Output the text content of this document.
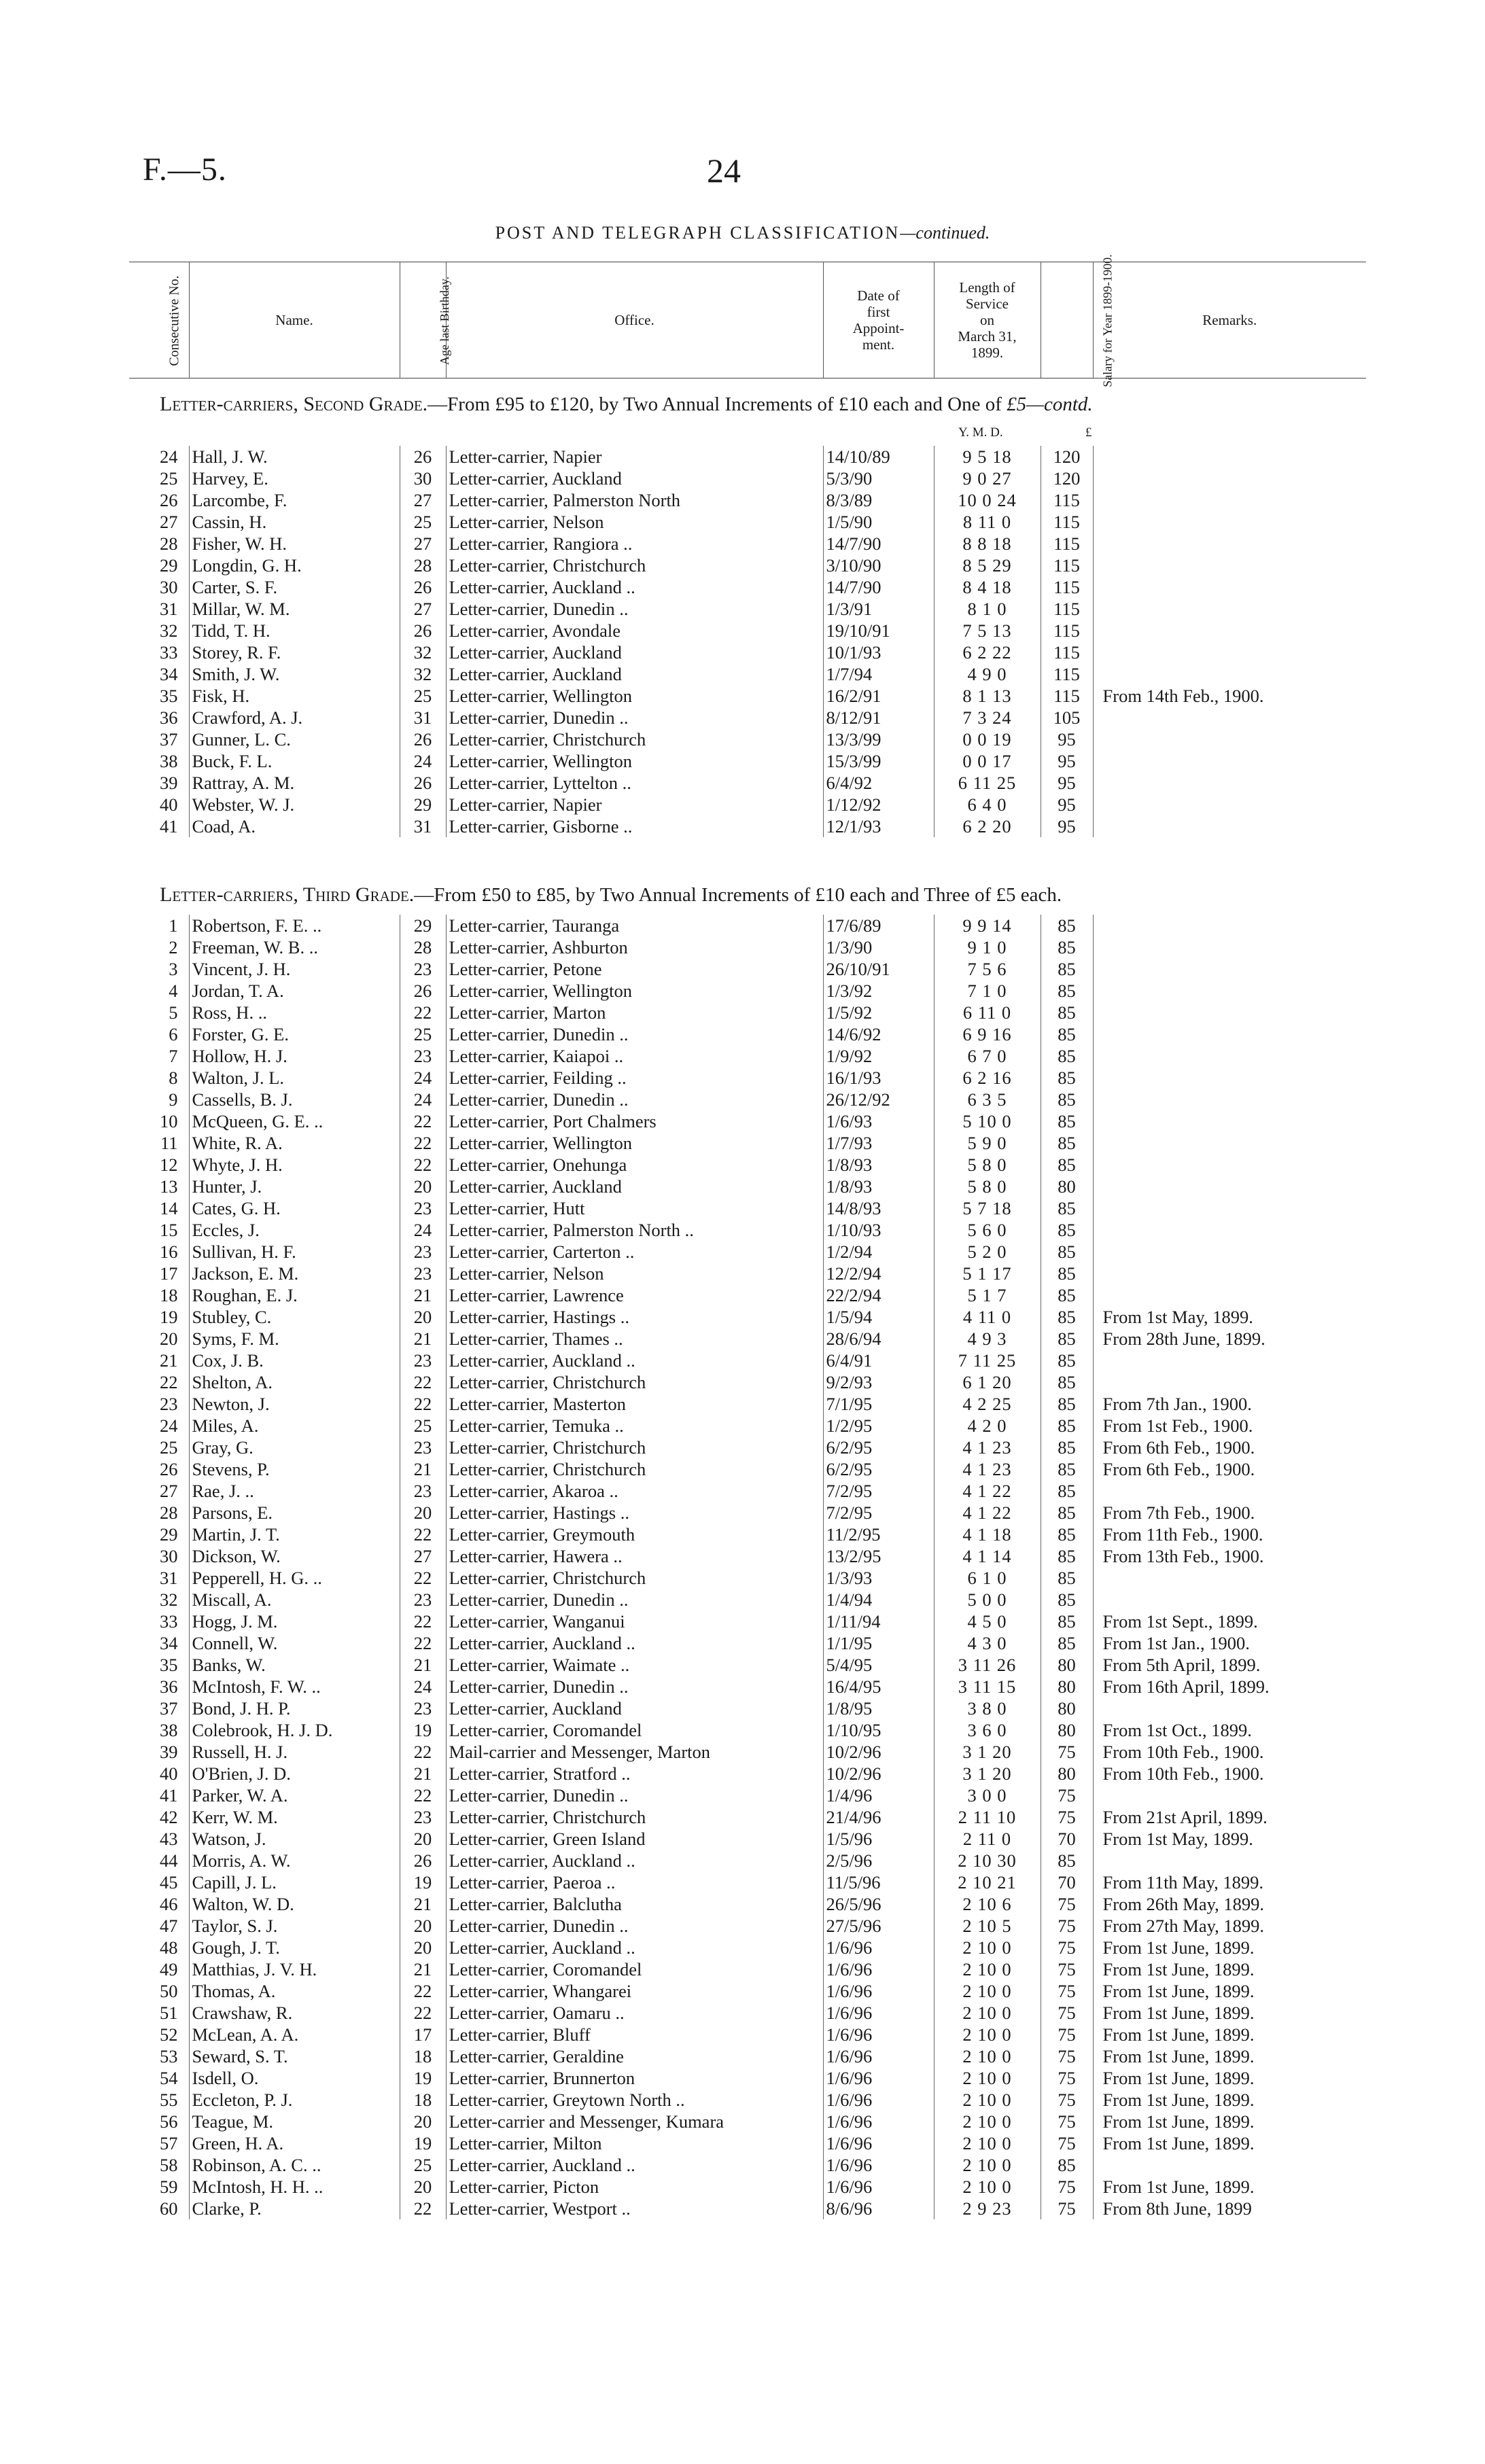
F.—5.	24
POST AND TELEGRAPH CLASSIFICATION—continued.
Consecutive No.	Name.	Age last Birthday.	Office.	
Date of
first
Appoint-
ment.

Length of
Service
on
March 31,
1899.	Salary for Year 1899-1900.	Remarks.
Letter-carriers, Second Grade.—From £95 to £120, by Two Annual Increments of £10 each and One of £5—contd.
Y. M. D.	£
24	Hall, J. W.	26	Letter-carrier, Napier	14/10/89	9 5 18	120	
25	Harvey, E.	30	Letter-carrier, Auckland	5/3/90	9 0 27	120	
26	Larcombe, F.	27	Letter-carrier, Palmerston North	8/3/89	10 0 24	115	
27	Cassin, H.	25	Letter-carrier, Nelson	1/5/90	8 11 0	115	
28	Fisher, W. H.	27	Letter-carrier, Rangiora ..	14/7/90	8 8 18	115	
29	Longdin, G. H.	28	Letter-carrier, Christchurch	3/10/90	8 5 29	115	
30	Carter, S. F.	26	Letter-carrier, Auckland ..	14/7/90	8 4 18	115	
31	Millar, W. M.	27	Letter-carrier, Dunedin ..	1/3/91	8 1 0	115	
32	Tidd, T. H.	26	Letter-carrier, Avondale	19/10/91	7 5 13	115	
33	Storey, R. F.	32	Letter-carrier, Auckland	10/1/93	6 2 22	115	
34	Smith, J. W.	32	Letter-carrier, Auckland	1/7/94	4 9 0	115	
35	Fisk, H.	25	Letter-carrier, Wellington	16/2/91	8 1 13	115	From 14th Feb., 1900.
36	Crawford, A. J.	31	Letter-carrier, Dunedin ..	8/12/91	7 3 24	105	
37	Gunner, L. C.	26	Letter-carrier, Christchurch	13/3/99	0 0 19	95	
38	Buck, F. L.	24	Letter-carrier, Wellington	15/3/99	0 0 17	95	
39	Rattray, A. M.	26	Letter-carrier, Lyttelton ..	6/4/92	6 11 25	95	
40	Webster, W. J.	29	Letter-carrier, Napier	1/12/92	6 4 0	95	
41	Coad, A.	31	Letter-carrier, Gisborne ..	12/1/93	6 2 20	95	
Letter-carriers, Third Grade.—From £50 to £85, by Two Annual Increments of £10 each and Three of £5 each.
1	Robertson, F. E. ..	29	Letter-carrier, Tauranga	17/6/89	9 9 14	85	
2	Freeman, W. B. ..	28	Letter-carrier, Ashburton	1/3/90	9 1 0	85	
3	Vincent, J. H.	23	Letter-carrier, Petone	26/10/91	7 5 6	85	
4	Jordan, T. A.	26	Letter-carrier, Wellington	1/3/92	7 1 0	85	
5	Ross, H. ..	22	Letter-carrier, Marton	1/5/92	6 11 0	85	
6	Forster, G. E.	25	Letter-carrier, Dunedin ..	14/6/92	6 9 16	85	
7	Hollow, H. J.	23	Letter-carrier, Kaiapoi ..	1/9/92	6 7 0	85	
8	Walton, J. L.	24	Letter-carrier, Feilding ..	16/1/93	6 2 16	85	
9	Cassells, B. J.	24	Letter-carrier, Dunedin ..	26/12/92	6 3 5	85	
10	McQueen, G. E. ..	22	Letter-carrier, Port Chalmers	1/6/93	5 10 0	85	
11	White, R. A.	22	Letter-carrier, Wellington	1/7/93	5 9 0	85	
12	Whyte, J. H.	22	Letter-carrier, Onehunga	1/8/93	5 8 0	85	
13	Hunter, J.	20	Letter-carrier, Auckland	1/8/93	5 8 0	80	
14	Cates, G. H.	23	Letter-carrier, Hutt	14/8/93	5 7 18	85	
15	Eccles, J.	24	Letter-carrier, Palmerston North ..	1/10/93	5 6 0	85	
16	Sullivan, H. F.	23	Letter-carrier, Carterton ..	1/2/94	5 2 0	85	
17	Jackson, E. M.	23	Letter-carrier, Nelson	12/2/94	5 1 17	85	
18	Roughan, E. J.	21	Letter-carrier, Lawrence	22/2/94	5 1 7	85	
19	Stubley, C.	20	Letter-carrier, Hastings ..	1/5/94	4 11 0	85	From 1st May, 1899.
20	Syms, F. M.	21	Letter-carrier, Thames ..	28/6/94	4 9 3	85	From 28th June, 1899.
21	Cox, J. B.	23	Letter-carrier, Auckland ..	6/4/91	7 11 25	85	
22	Shelton, A.	22	Letter-carrier, Christchurch	9/2/93	6 1 20	85	
23	Newton, J.	22	Letter-carrier, Masterton	7/1/95	4 2 25	85	From 7th Jan., 1900.
24	Miles, A.	25	Letter-carrier, Temuka ..	1/2/95	4 2 0	85	From 1st Feb., 1900.
25	Gray, G.	23	Letter-carrier, Christchurch	6/2/95	4 1 23	85	From 6th Feb., 1900.
26	Stevens, P.	21	Letter-carrier, Christchurch	6/2/95	4 1 23	85	From 6th Feb., 1900.
27	Rae, J. ..	23	Letter-carrier, Akaroa ..	7/2/95	4 1 22	85	
28	Parsons, E.	20	Letter-carrier, Hastings ..	7/2/95	4 1 22	85	From 7th Feb., 1900.
29	Martin, J. T.	22	Letter-carrier, Greymouth	11/2/95	4 1 18	85	From 11th Feb., 1900.
30	Dickson, W.	27	Letter-carrier, Hawera ..	13/2/95	4 1 14	85	From 13th Feb., 1900.
31	Pepperell, H. G. ..	22	Letter-carrier, Christchurch	1/3/93	6 1 0	85	
32	Miscall, A.	23	Letter-carrier, Dunedin ..	1/4/94	5 0 0	85	
33	Hogg, J. M.	22	Letter-carrier, Wanganui	1/11/94	4 5 0	85	From 1st Sept., 1899.
34	Connell, W.	22	Letter-carrier, Auckland ..	1/1/95	4 3 0	85	From 1st Jan., 1900.
35	Banks, W.	21	Letter-carrier, Waimate ..	5/4/95	3 11 26	80	From 5th April, 1899.
36	McIntosh, F. W. ..	24	Letter-carrier, Dunedin ..	16/4/95	3 11 15	80	From 16th April, 1899.
37	Bond, J. H. P.	23	Letter-carrier, Auckland	1/8/95	3 8 0	80	
38	Colebrook, H. J. D.	19	Letter-carrier, Coromandel	1/10/95	3 6 0	80	From 1st Oct., 1899.
39	Russell, H. J.	22	Mail-carrier and Messenger, Marton	10/2/96	3 1 20	75	From 10th Feb., 1900.
40	O'Brien, J. D.	21	Letter-carrier, Stratford ..	10/2/96	3 1 20	80	From 10th Feb., 1900.
41	Parker, W. A.	22	Letter-carrier, Dunedin ..	1/4/96	3 0 0	75	
42	Kerr, W. M.	23	Letter-carrier, Christchurch	21/4/96	2 11 10	75	From 21st April, 1899.
43	Watson, J.	20	Letter-carrier, Green Island	1/5/96	2 11 0	70	From 1st May, 1899.
44	Morris, A. W.	26	Letter-carrier, Auckland ..	2/5/96	2 10 30	85	
45	Capill, J. L.	19	Letter-carrier, Paeroa ..	11/5/96	2 10 21	70	From 11th May, 1899.
46	Walton, W. D.	21	Letter-carrier, Balclutha	26/5/96	2 10 6	75	From 26th May, 1899.
47	Taylor, S. J.	20	Letter-carrier, Dunedin ..	27/5/96	2 10 5	75	From 27th May, 1899.
48	Gough, J. T.	20	Letter-carrier, Auckland ..	1/6/96	2 10 0	75	From 1st June, 1899.
49	Matthias, J. V. H.	21	Letter-carrier, Coromandel	1/6/96	2 10 0	75	From 1st June, 1899.
50	Thomas, A.	22	Letter-carrier, Whangarei	1/6/96	2 10 0	75	From 1st June, 1899.
51	Crawshaw, R.	22	Letter-carrier, Oamaru ..	1/6/96	2 10 0	75	From 1st June, 1899.
52	McLean, A. A.	17	Letter-carrier, Bluff	1/6/96	2 10 0	75	From 1st June, 1899.
53	Seward, S. T.	18	Letter-carrier, Geraldine	1/6/96	2 10 0	75	From 1st June, 1899.
54	Isdell, O.	19	Letter-carrier, Brunnerton	1/6/96	2 10 0	75	From 1st June, 1899.
55	Eccleton, P. J.	18	Letter-carrier, Greytown North ..	1/6/96	2 10 0	75	From 1st June, 1899.
56	Teague, M.	20	Letter-carrier and Messenger, Kumara	1/6/96	2 10 0	75	From 1st June, 1899.
57	Green, H. A.	19	Letter-carrier, Milton	1/6/96	2 10 0	75	From 1st June, 1899.
58	Robinson, A. C. ..	25	Letter-carrier, Auckland ..	1/6/96	2 10 0	85	
59	McIntosh, H. H. ..	20	Letter-carrier, Picton	1/6/96	2 10 0	75	From 1st June, 1899.
60	Clarke, P.	22	Letter-carrier, Westport ..	8/6/96	2 9 23	75	From 8th June, 1899
